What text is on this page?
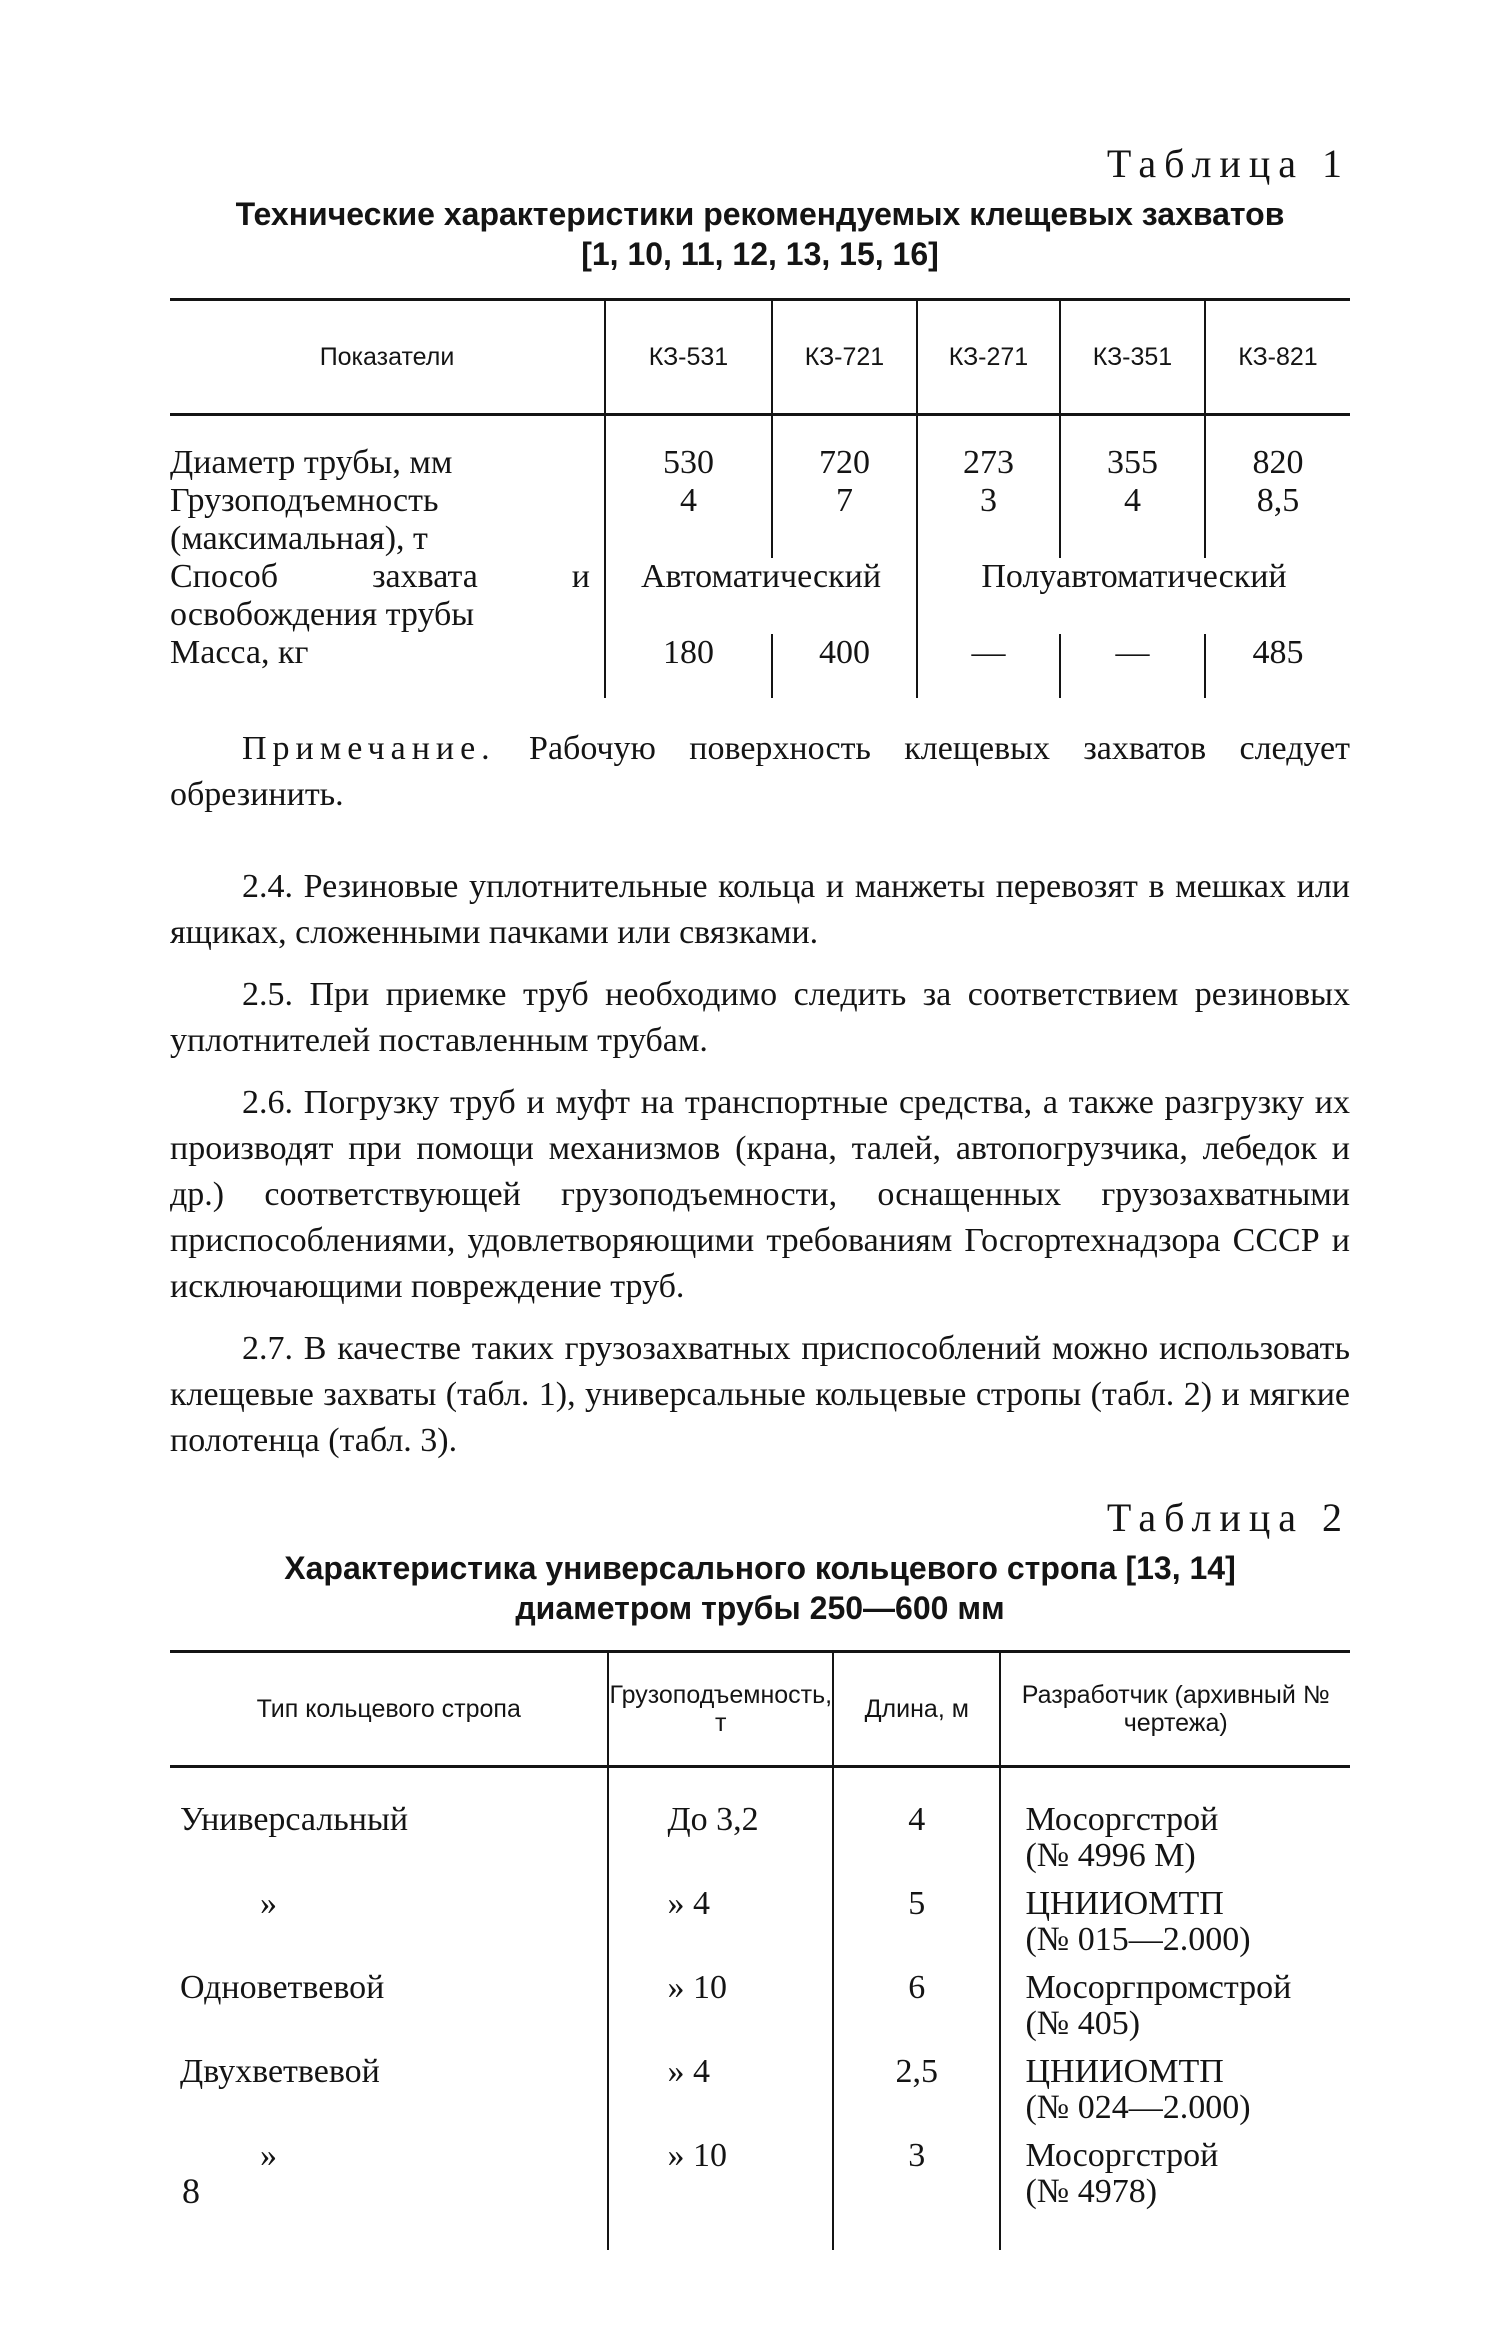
Таблица 1

Технические характеристики рекомендуемых клещевых захватов
[1, 10, 11, 12, 13, 15, 16]

Показатели	КЗ-531	КЗ-721	КЗ-271	КЗ-351	КЗ-821
Диаметр трубы, мм	530	720	273	355	820
Грузоподъемность (максимальная), т	4	7	3	4	8,5
Способ захвата и освобождения трубы	Автоматический		Полуавтоматический		
Масса, кг	180	400	—	—	485

Примечание. Рабочую поверхность клещевых захватов следует обрезинить.

2.4. Резиновые уплотнительные кольца и манжеты перевозят в мешках или ящиках, сложенными пачками или связками.

2.5. При приемке труб необходимо следить за соответствием резиновых уплотнителей поставленным трубам.

2.6. Погрузку труб и муфт на транспортные средства, а также разгрузку их производят при помощи механизмов (крана, талей, автопогрузчика, лебедок и др.) соответствующей грузоподъемности, оснащенных грузозахватными приспособлениями, удовлетворяющими требованиям Госгортехнадзора СССР и исключающими повреждение труб.

2.7. В качестве таких грузозахватных приспособлений можно использовать клещевые захваты (табл. 1), универсальные кольцевые стропы (табл. 2) и мягкие полотенца (табл. 3).

Таблица 2

Характеристика универсального кольцевого стропа [13, 14]
диаметром трубы 250—600 мм

Тип кольцевого стропа	Грузоподъемность, т	Длина, м	Разработчик (архивный № чертежа)
Универсальный	До 3,2	4	Мосоргстрой
(№ 4996 М)

»	» 4	5	ЦНИИОМТП
(№ 015—2.000)

Одноветвевой	» 10	6	Мосоргпромстрой
(№ 405)

Двухветвевой	» 4	2,5	ЦНИИОМТП
(№ 024—2.000)

»	» 10	3	Мосоргстрой
(№ 4978)
8
